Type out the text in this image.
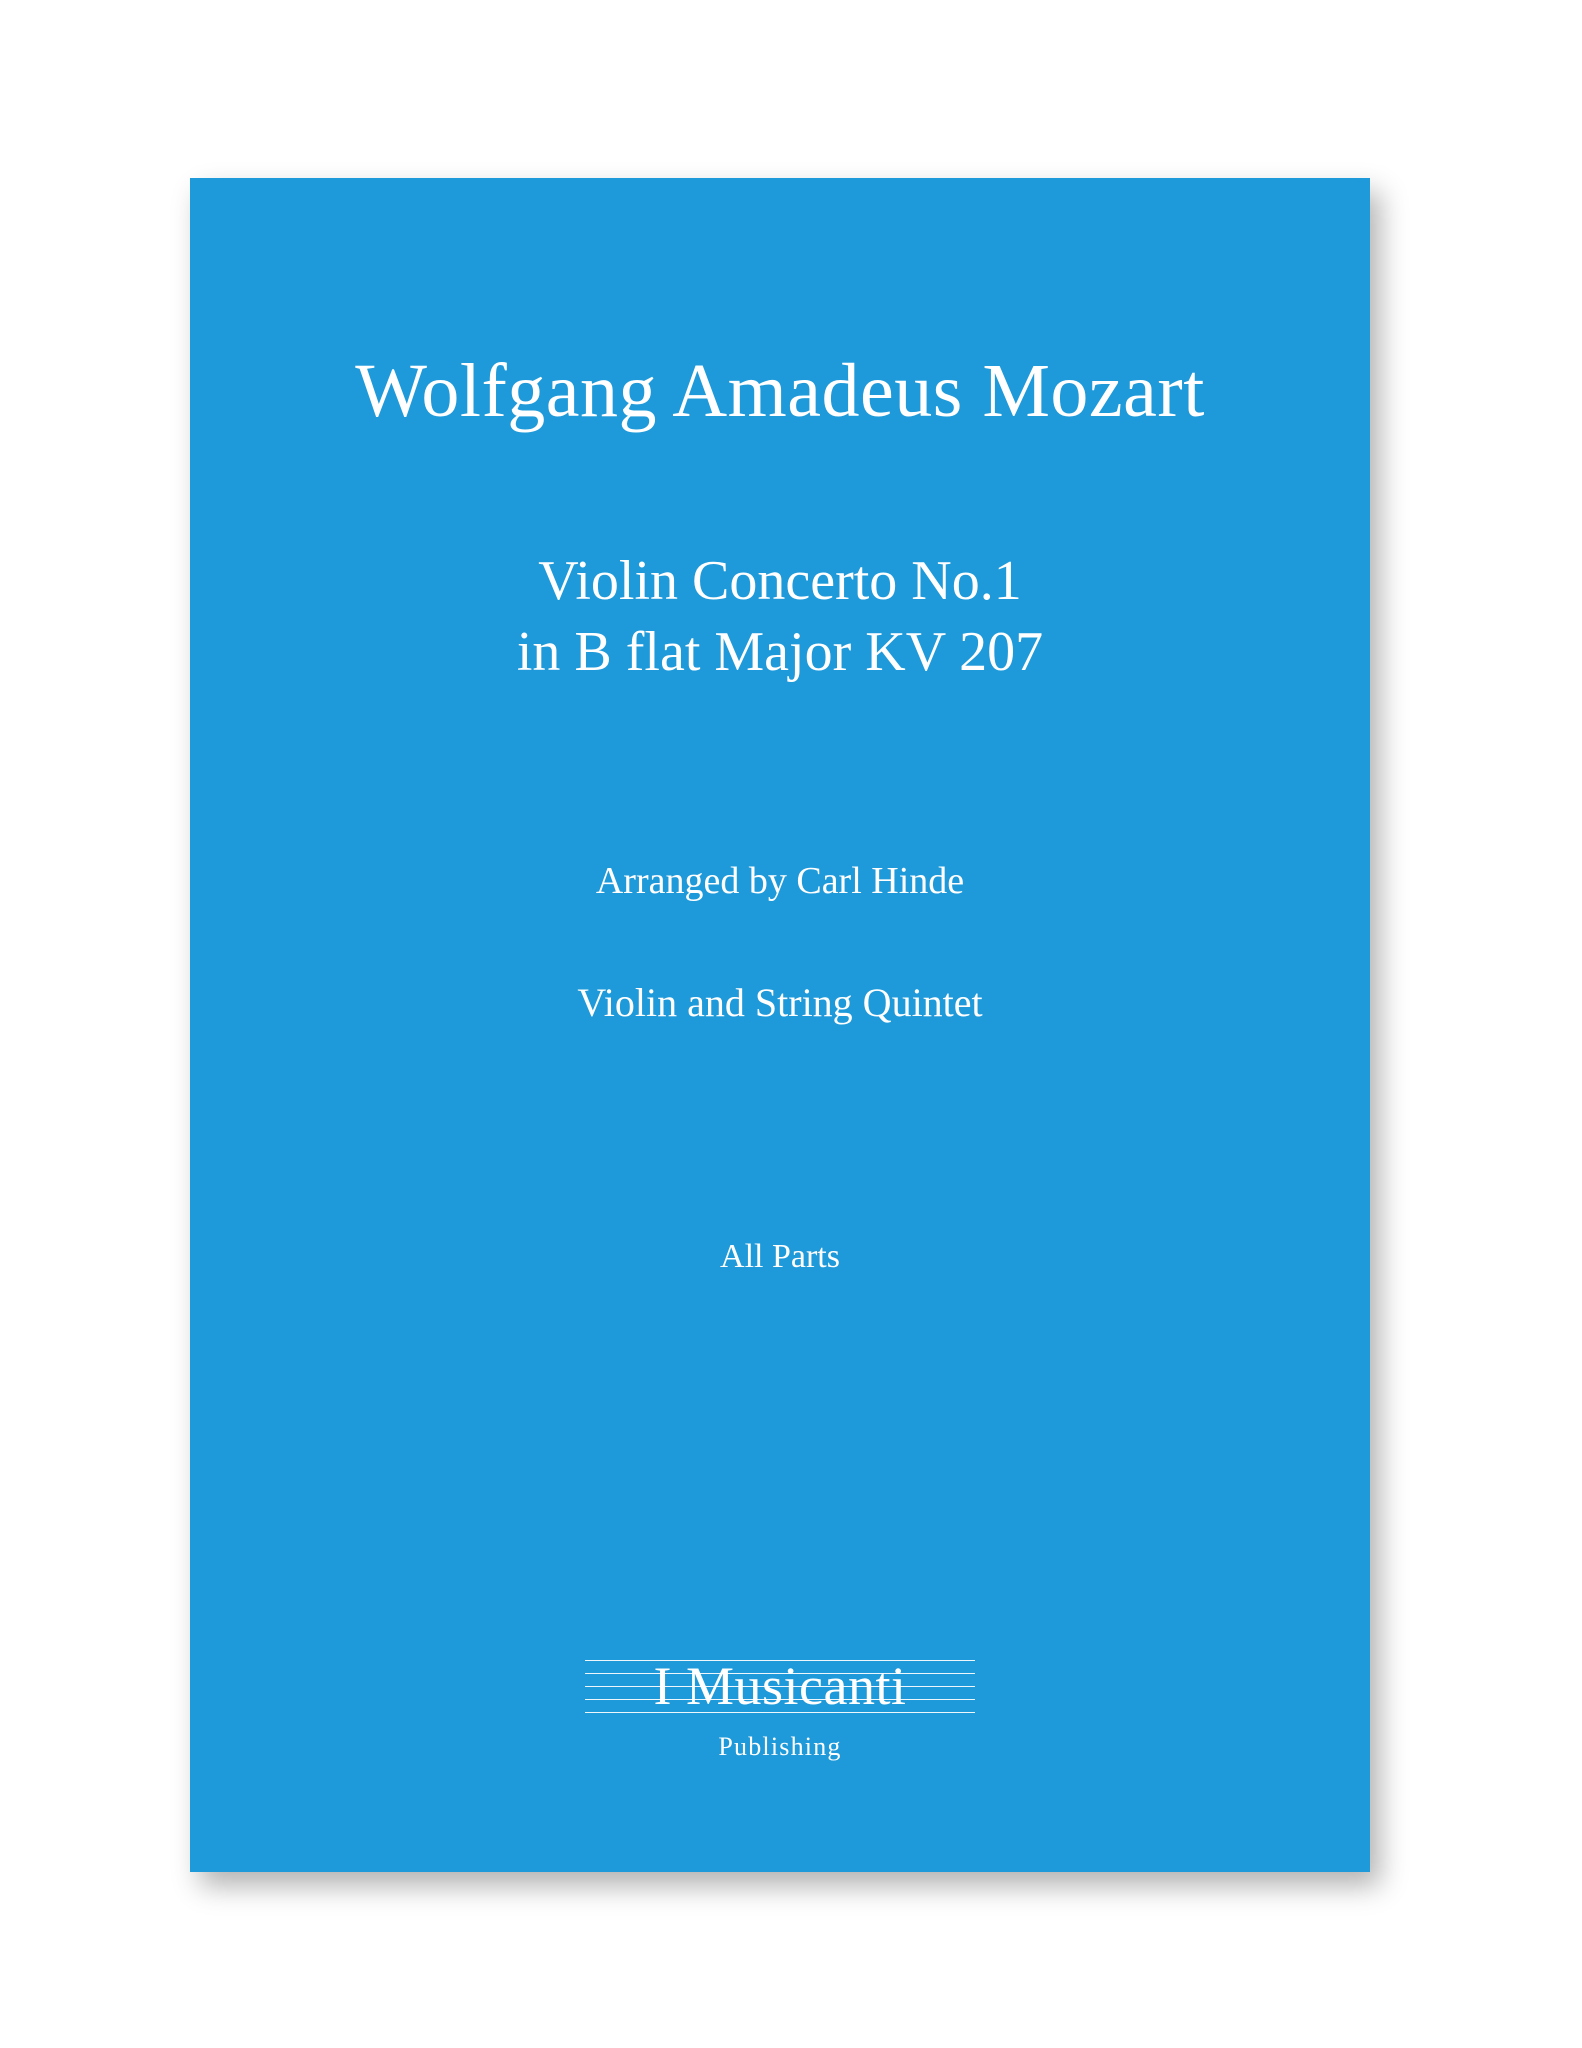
Wolfgang Amadeus Mozart
Violin Concerto No.1
in B flat Major KV 207
Arranged by Carl Hinde
Violin and String Quintet
All Parts
I Musicanti
Publishing
